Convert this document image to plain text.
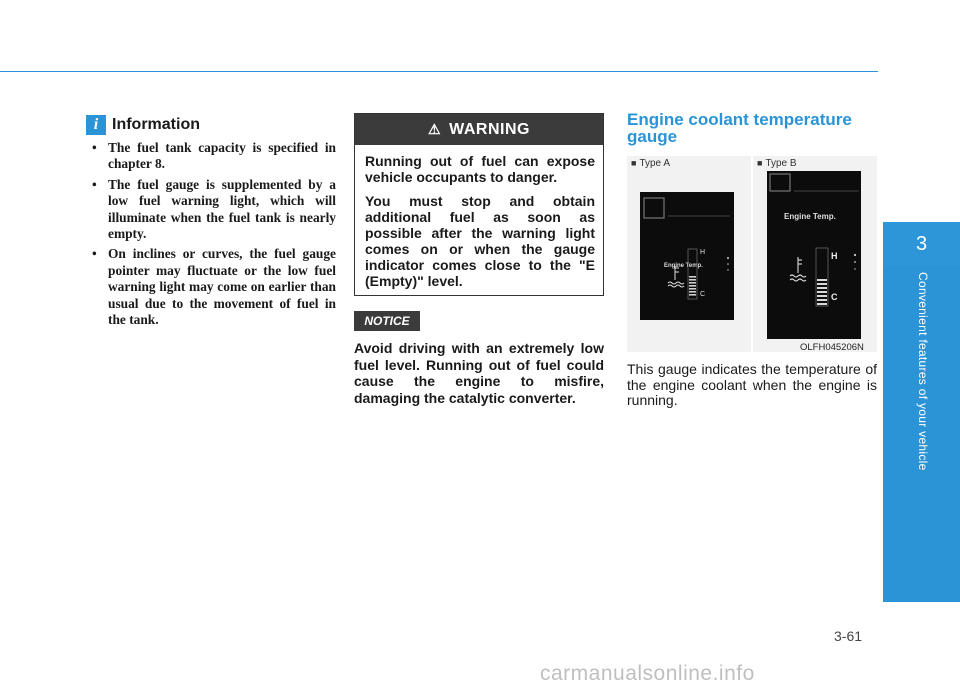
i Information
• The fuel tank capacity is specified in chapter 8.
• The fuel gauge is supplemented by a low fuel warning light, which will illuminate when the fuel tank is nearly empty.
• On inclines or curves, the fuel gauge pointer may fluctuate or the low fuel warning light may come on earlier than usual due to the movement of fuel in the tank.
⚠ WARNING

Running out of fuel can expose vehicle occupants to danger.

You must stop and obtain additional fuel as soon as possible after the warning light comes on or when the gauge indicator comes close to the "E (Empty)" level.

NOTICE

Avoid driving with an extremely low fuel level. Running out of fuel could cause the engine to misfire, damaging the catalytic converter.

Engine coolant temperature gauge
■ Type A
Engine Temp.
H
C
■ Type B
Engine Temp.
H
C
OLFH045206N

This gauge indicates the temperature of the engine coolant when the engine is running.

3
Convenient features of your vehicle
3-61
carmanualsonline.info
